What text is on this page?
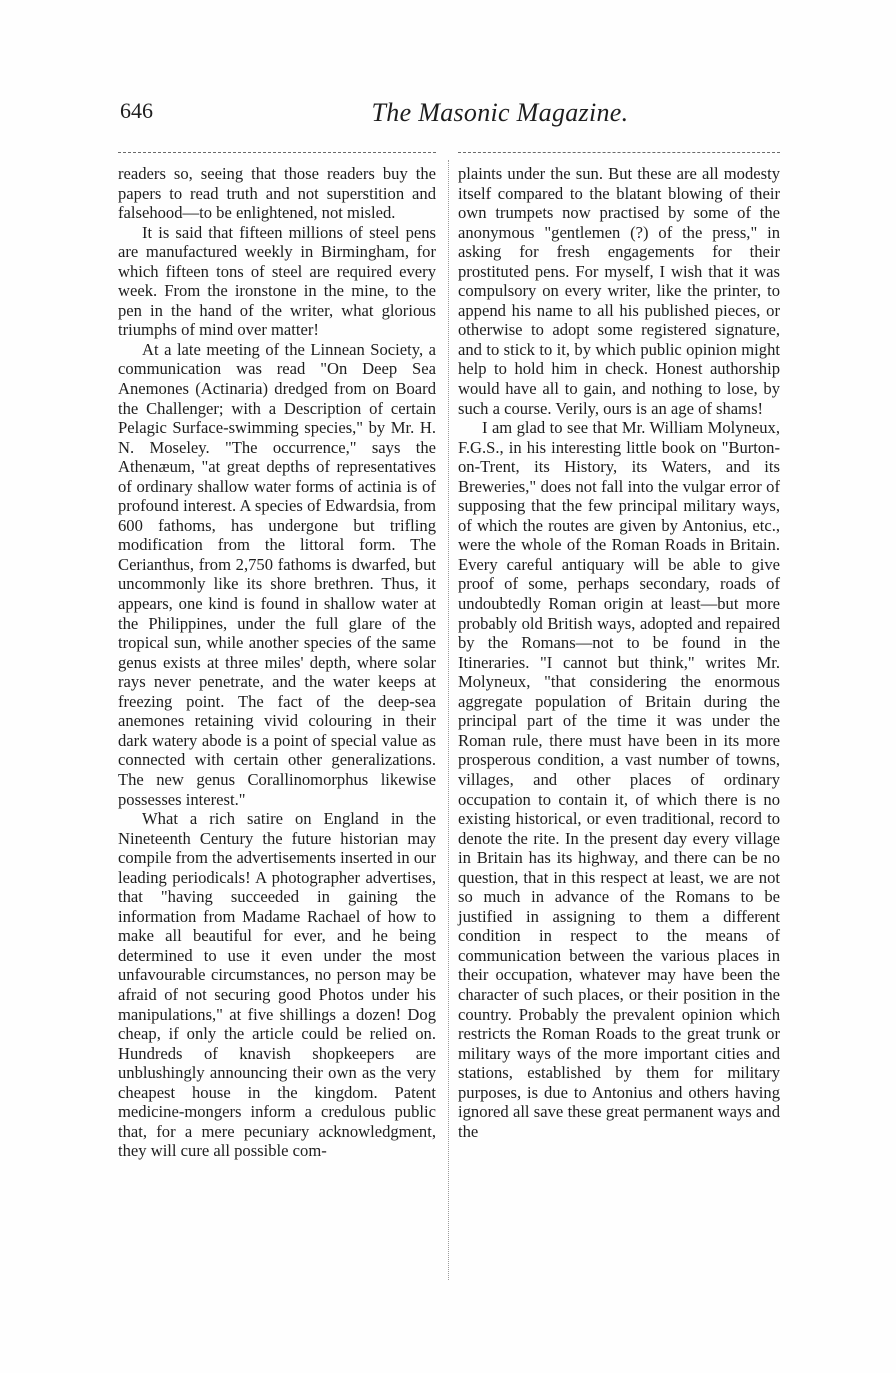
646	The Masonic Magazine.

readers so, seeing that those readers buy the papers to read truth and not superstition and falsehood—to be enlightened, not misled.

It is said that fifteen millions of steel pens are manufactured weekly in Birmingham, for which fifteen tons of steel are required every week. From the ironstone in the mine, to the pen in the hand of the writer, what glorious triumphs of mind over matter!

At a late meeting of the Linnean Society, a communication was read "On Deep Sea Anemones (Actinaria) dredged from on Board the Challenger; with a Description of certain Pelagic Surface-swimming species," by Mr. H. N. Moseley. "The occurrence," says the Athenæum, "at great depths of representatives of ordinary shallow water forms of actinia is of profound interest. A species of Edwardsia, from 600 fathoms, has undergone but trifling modification from the littoral form. The Cerianthus, from 2,750 fathoms is dwarfed, but uncommonly like its shore brethren. Thus, it appears, one kind is found in shallow water at the Philippines, under the full glare of the tropical sun, while another species of the same genus exists at three miles' depth, where solar rays never penetrate, and the water keeps at freezing point. The fact of the deep-sea anemones retaining vivid colouring in their dark watery abode is a point of special value as connected with certain other generalizations. The new genus Corallinomorphus likewise possesses interest."

What a rich satire on England in the Nineteenth Century the future historian may compile from the advertisements inserted in our leading periodicals! A photographer advertises, that "having succeeded in gaining the information from Madame Rachael of how to make all beautiful for ever, and he being determined to use it even under the most unfavourable circumstances, no person may be afraid of not securing good Photos under his manipulations," at five shillings a dozen! Dog cheap, if only the article could be relied on. Hundreds of knavish shopkeepers are unblushingly announcing their own as the very cheapest house in the kingdom. Patent medicine-mongers inform a credulous public that, for a mere pecuniary acknowledgment, they will cure all possible com-

plaints under the sun. But these are all modesty itself compared to the blatant blowing of their own trumpets now practised by some of the anonymous "gentlemen (?) of the press," in asking for fresh engagements for their prostituted pens. For myself, I wish that it was compulsory on every writer, like the printer, to append his name to all his published pieces, or otherwise to adopt some registered signature, and to stick to it, by which public opinion might help to hold him in check. Honest authorship would have all to gain, and nothing to lose, by such a course. Verily, ours is an age of shams!

I am glad to see that Mr. William Molyneux, F.G.S., in his interesting little book on "Burton-on-Trent, its History, its Waters, and its Breweries," does not fall into the vulgar error of supposing that the few principal military ways, of which the routes are given by Antonius, etc., were the whole of the Roman Roads in Britain. Every careful antiquary will be able to give proof of some, perhaps secondary, roads of undoubtedly Roman origin at least—but more probably old British ways, adopted and repaired by the Romans—not to be found in the Itineraries. "I cannot but think," writes Mr. Molyneux, "that considering the enormous aggregate population of Britain during the principal part of the time it was under the Roman rule, there must have been in its more prosperous condition, a vast number of towns, villages, and other places of ordinary occupation to contain it, of which there is no existing historical, or even traditional, record to denote the rite. In the present day every village in Britain has its highway, and there can be no question, that in this respect at least, we are not so much in advance of the Romans to be justified in assigning to them a different condition in respect to the means of communication between the various places in their occupation, whatever may have been the character of such places, or their position in the country. Probably the prevalent opinion which restricts the Roman Roads to the great trunk or military ways of the more important cities and stations, established by them for military purposes, is due to Antonius and others having ignored all save these great permanent ways and the
